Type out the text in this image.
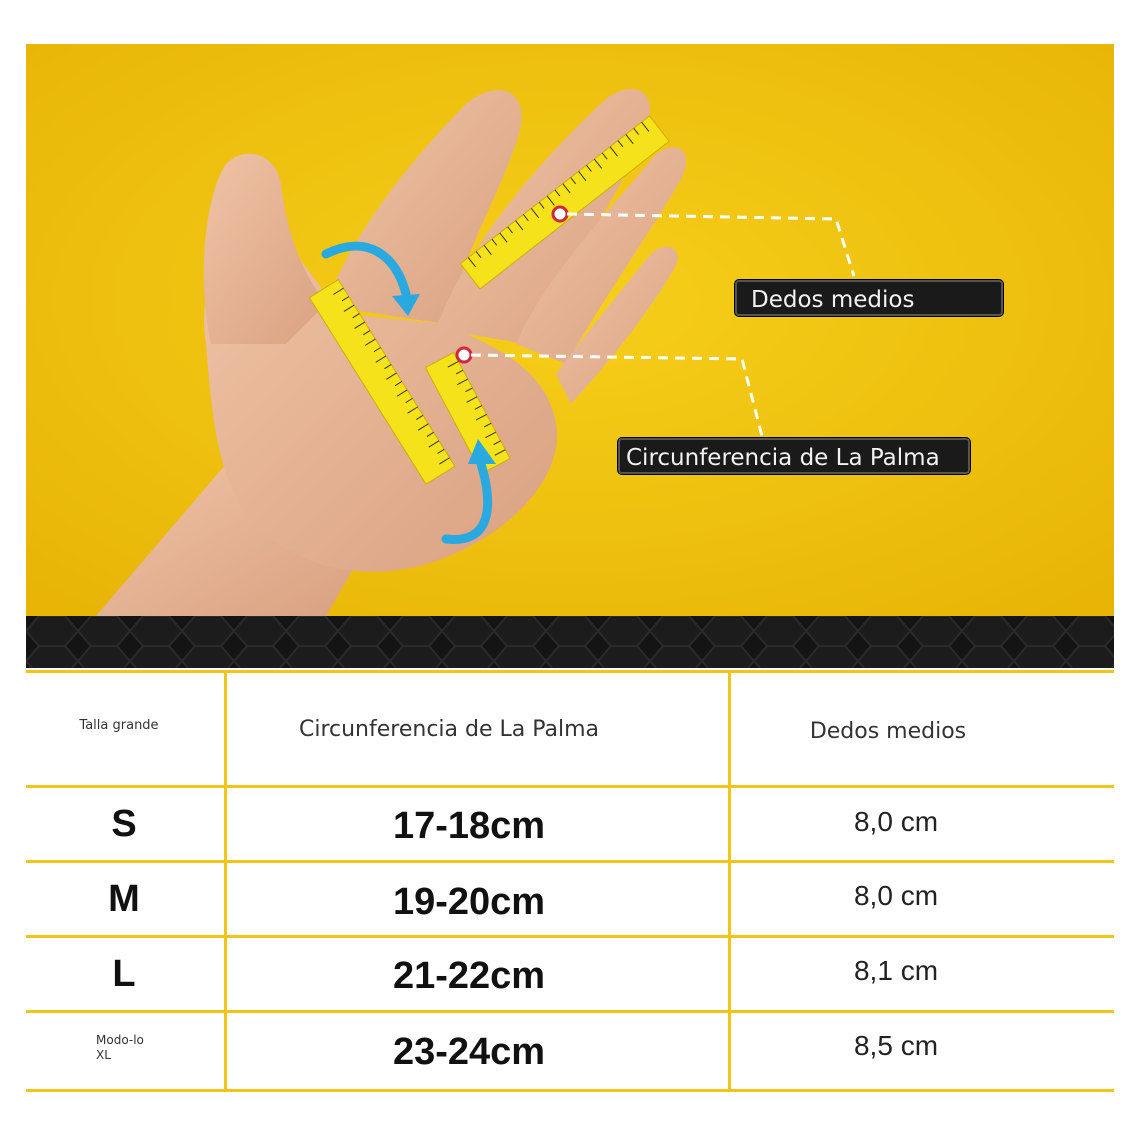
Dedos medios
Circunferencia de La Palma
Talla grande	Circunferencia de La Palma	Dedos medios
S	17-18cm	8,0 cm
M	19-20cm	8,0 cm
L	21-22cm	8,1 cm
Modo-lo XL	23-24cm	8,5 cm
